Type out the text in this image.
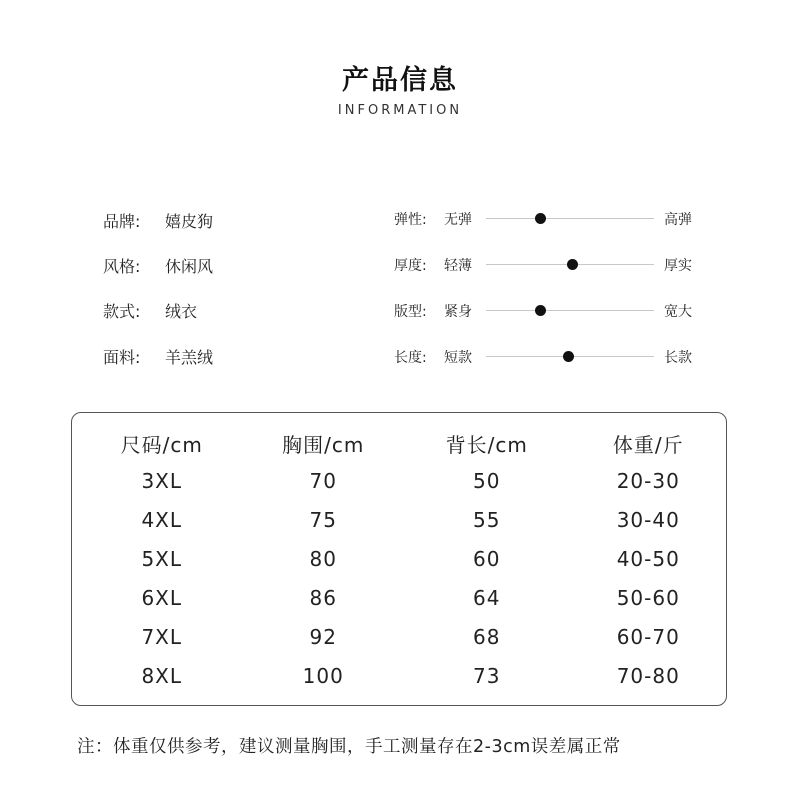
产品信息
INFORMATION
品牌:	嬉皮狗
风格:	休闲风
款式:	绒衣
面料:	羊羔绒
弹性:	无弹	高弹
厚度:	轻薄	厚实
版型:	紧身	宽大
长度:	短款	长款
尺码/cm	胸围/cm	背长/cm	体重/斤
3XL	70	50	20-30
4XL	75	55	30-40
5XL	80	60	40-50
6XL	86	64	50-60
7XL	92	68	60-70
8XL	100	73	70-80
注：体重仅供参考，建议测量胸围，手工测量存在2-3cm误差属正常
